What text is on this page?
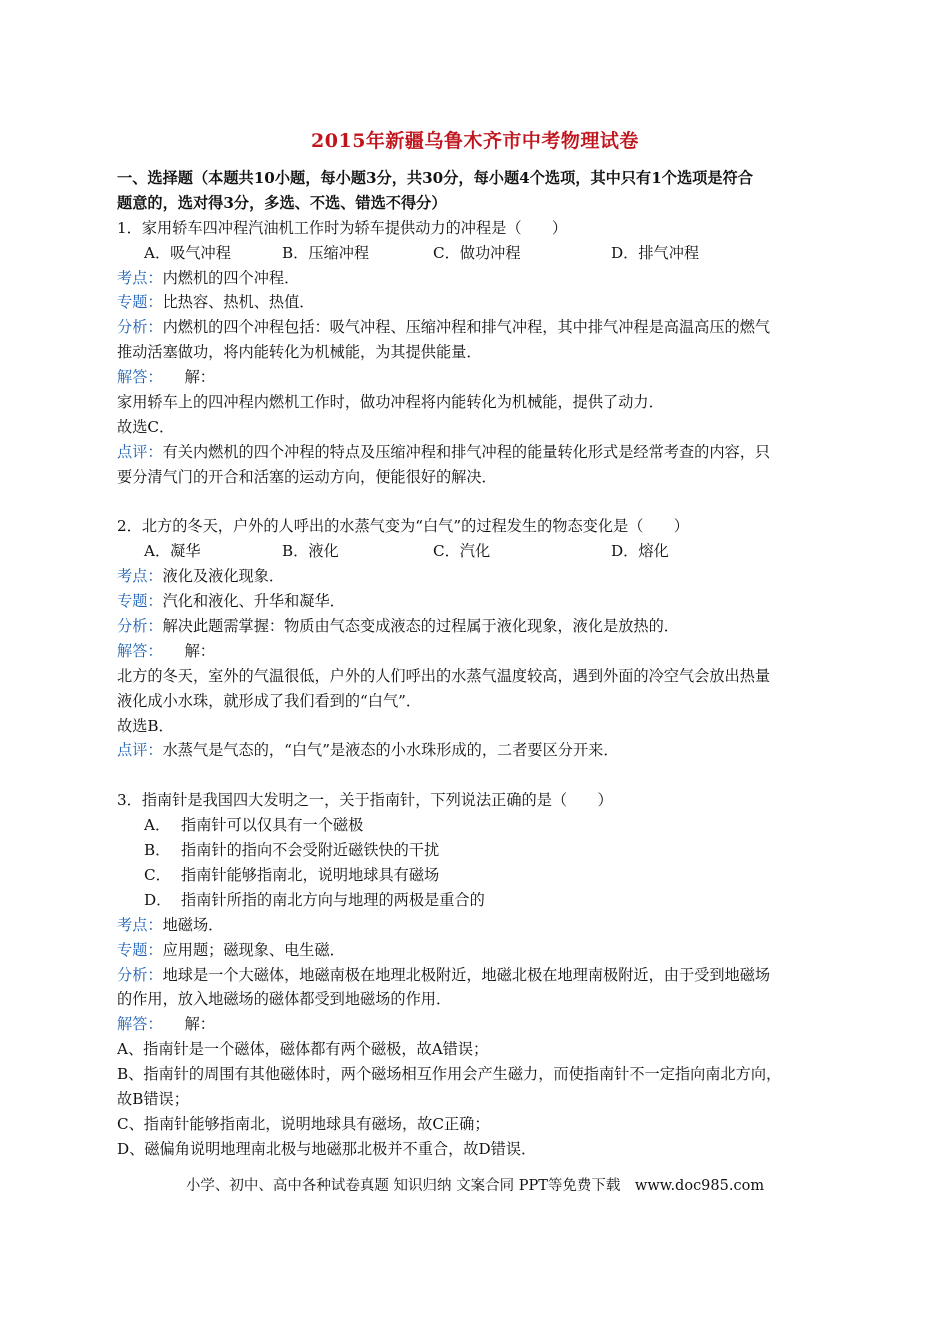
2015年新疆乌鲁木齐市中考物理试卷
一、选择题（本题共10小题，每小题3分，共30分，每小题4个选项，其中只有1个选项是符合
题意的，选对得3分，多选、不选、错选不得分）
1．家用轿车四冲程汽油机工作时为轿车提供动力的冲程是（　　）
A．吸气冲程	B．压缩冲程	C．做功冲程	D．排气冲程
考点：内燃机的四个冲程．
专题：比热容、热机、热值．
分析：内燃机的四个冲程包括：吸气冲程、压缩冲程和排气冲程，其中排气冲程是高温高压的燃气
推动活塞做功，将内能转化为机械能，为其提供能量．
解答： 解：
家用轿车上的四冲程内燃机工作时，做功冲程将内能转化为机械能，提供了动力．
故选C．
点评：有关内燃机的四个冲程的特点及压缩冲程和排气冲程的能量转化形式是经常考查的内容，只
要分清气门的开合和活塞的运动方向，便能很好的解决．
2．北方的冬天，户外的人呼出的水蒸气变为“白气”的过程发生的物态变化是（　　）
A．凝华	B．液化	C．汽化	D．熔化
考点：液化及液化现象．
专题：汽化和液化、升华和凝华．
分析：解决此题需掌握：物质由气态变成液态的过程属于液化现象，液化是放热的．
解答： 解：
北方的冬天，室外的气温很低，户外的人们呼出的水蒸气温度较高，遇到外面的冷空气会放出热量
液化成小水珠，就形成了我们看到的“白气”．
故选B．
点评：水蒸气是气态的，“白气”是液态的小水珠形成的，二者要区分开来．
3．指南针是我国四大发明之一，关于指南针，下列说法正确的是（　　）
A． 指南针可以仅具有一个磁极
B． 指南针的指向不会受附近磁铁快的干扰
C． 指南针能够指南北，说明地球具有磁场
D． 指南针所指的南北方向与地理的两极是重合的
考点：地磁场．
专题：应用题；磁现象、电生磁．
分析：地球是一个大磁体，地磁南极在地理北极附近，地磁北极在地理南极附近，由于受到地磁场
的作用，放入地磁场的磁体都受到地磁场的作用．
解答： 解：
A、指南针是一个磁体，磁体都有两个磁极，故A错误；
B、指南针的周围有其他磁体时，两个磁场相互作用会产生磁力，而使指南针不一定指向南北方向，
故B错误；
C、指南针能够指南北，说明地球具有磁场，故C正确；
D、磁偏角说明地理南北极与地磁那北极并不重合，故D错误．
小学、初中、高中各种试卷真题 知识归纳 文案合同 PPT等免费下载　www.doc985.com
